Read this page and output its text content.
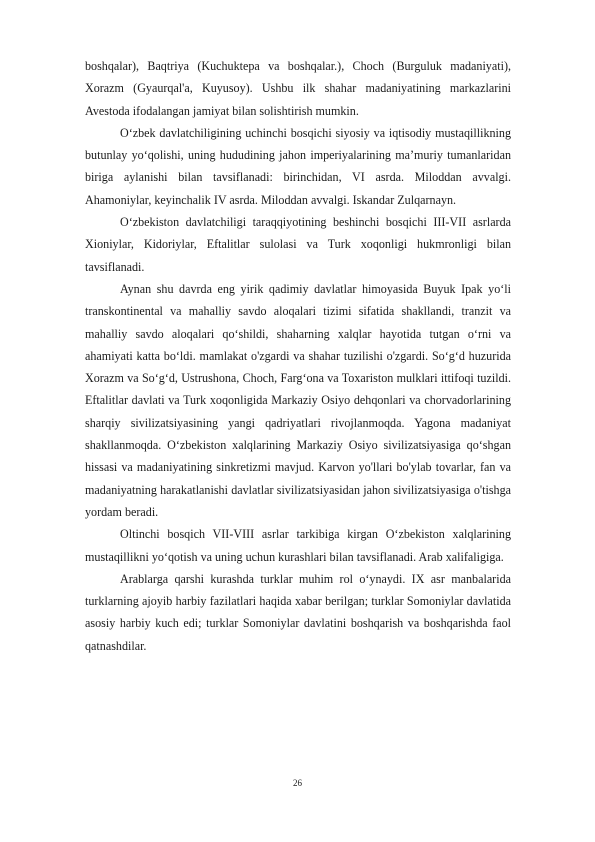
boshqalar), Baqtriya (Kuchuktepa va boshqalar.), Choch (Burguluk madaniyati), Xorazm (Gyaurqal'a, Kuyusoy). Ushbu ilk shahar madaniyatining markazlarini Avestoda ifodalangan jamiyat bilan solishtirish mumkin.

O‘zbek davlatchiligining uchinchi bosqichi siyosiy va iqtisodiy mustaqillikning butunlay yo‘qolishi, uning hududining jahon imperiyalarining ma’muriy tumanlaridan biriga aylanishi bilan tavsiflanadi: birinchidan, VI asrda. Miloddan avvalgi. Ahamoniylar, keyinchalik IV asrda. Miloddan avvalgi. Iskandar Zulqarnayn.

O‘zbekiston davlatchiligi taraqqiyotining beshinchi bosqichi III-VII asrlarda Xioniylar, Kidoriylar, Eftalitlar sulolasi va Turk xoqonligi hukmronligi bilan tavsiflanadi.

Aynan shu davrda eng yirik qadimiy davlatlar himoyasida Buyuk Ipak yo‘li transkontinental va mahalliy savdo aloqalari tizimi sifatida shakllandi, tranzit va mahalliy savdo aloqalari qo‘shildi, shaharning xalqlar hayotida tutgan o‘rni va ahamiyati katta bo‘ldi. mamlakat o'zgardi va shahar tuzilishi o'zgardi. So‘g‘d huzurida Xorazm va So‘g‘d, Ustrushona, Choch, Farg‘ona va Toxariston mulklari ittifoqi tuzildi. Eftalitlar davlati va Turk xoqonligida Markaziy Osiyo dehqonlari va chorvadorlarining sharqiy sivilizatsiyasining yangi qadriyatlari rivojlanmoqda. Yagona madaniyat shakllanmoqda. O‘zbekiston xalqlarining Markaziy Osiyo sivilizatsiyasiga qo‘shgan hissasi va madaniyatining sinkretizmi mavjud. Karvon yo'llari bo'ylab tovarlar, fan va madaniyatning harakatlanishi davlatlar sivilizatsiyasidan jahon sivilizatsiyasiga o'tishga yordam beradi.

Oltinchi bosqich VII-VIII asrlar tarkibiga kirgan O‘zbekiston xalqlarining mustaqillikni yo‘qotish va uning uchun kurashlari bilan tavsiflanadi. Arab xalifaligiga.

Arablarga qarshi kurashda turklar muhim rol o‘ynaydi. IX asr manbalarida turklarning ajoyib harbiy fazilatlari haqida xabar berilgan; turklar Somoniylar davlatida asosiy harbiy kuch edi; turklar Somoniylar davlatini boshqarish va boshqarishda faol qatnashdilar.

26
